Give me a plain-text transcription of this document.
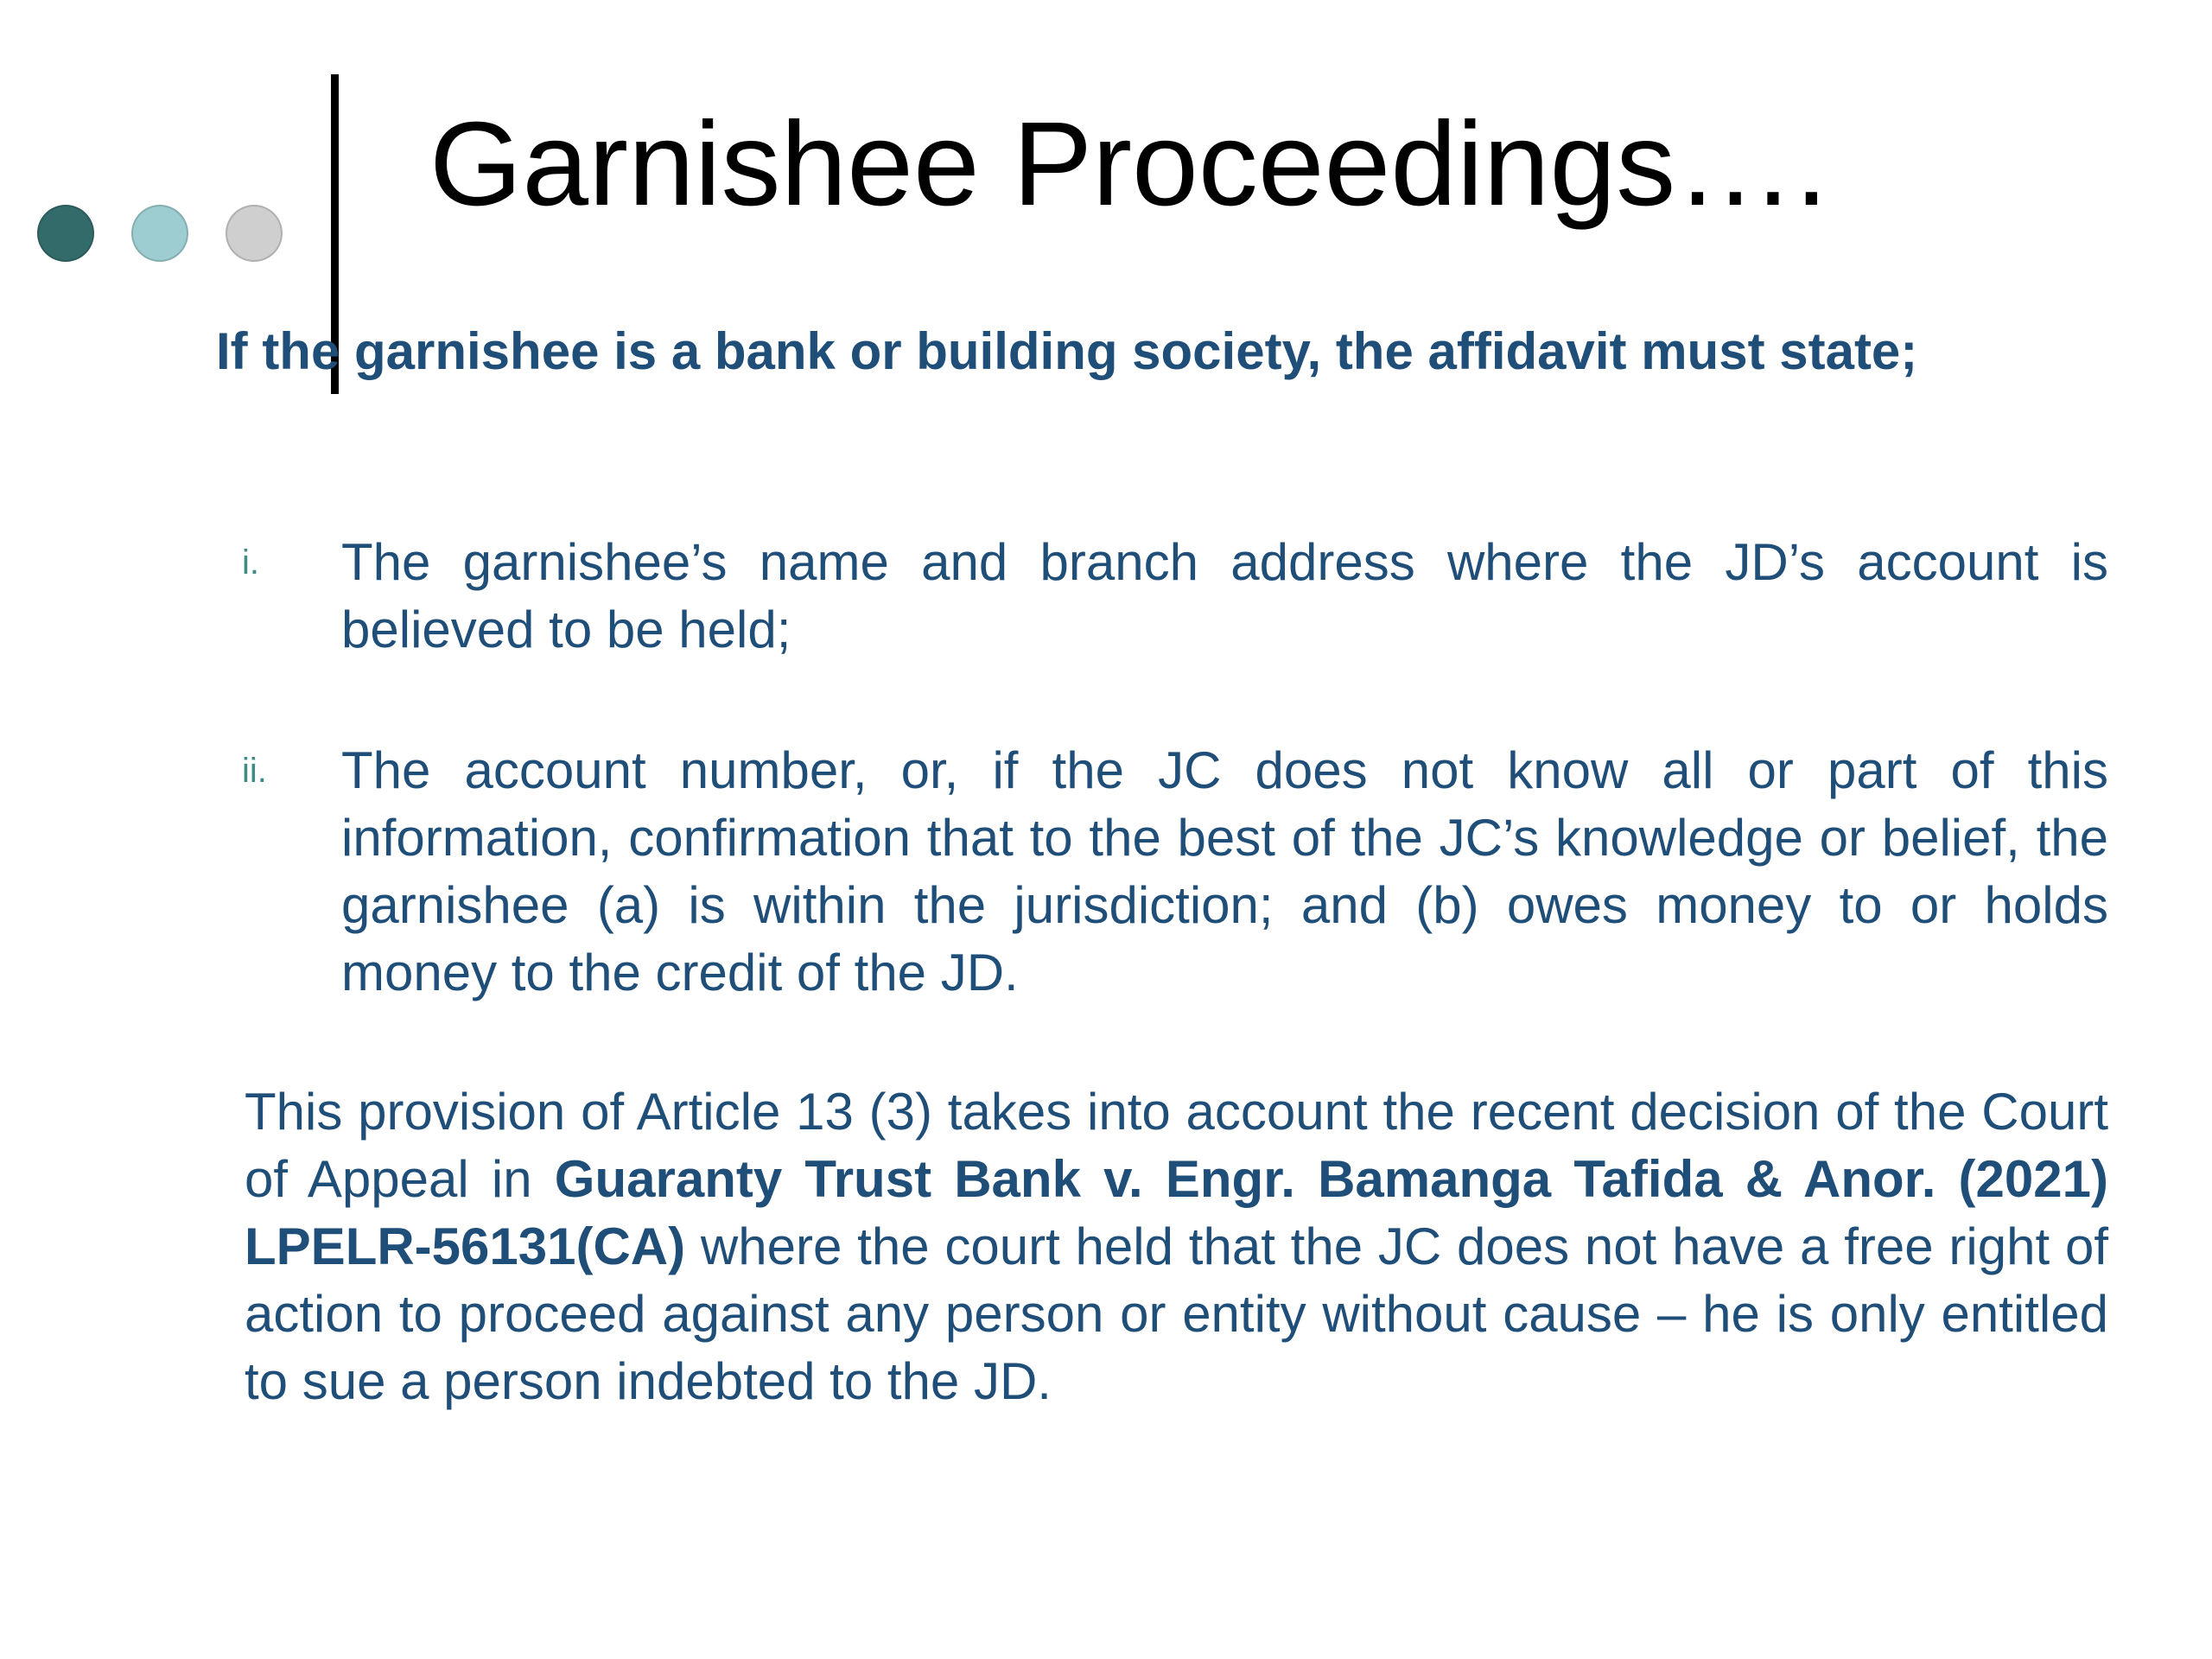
Garnishee Proceedings….

If the garnishee is a bank or building society, the affidavit must state;

i.	The garnishee’s name and branch address where the JD’s account is believed to be held;
ii.	The account number, or, if the JC does not know all or part of this information, confirmation that to the best of the JC’s knowledge or belief, the garnishee (a) is within the jurisdiction; and (b) owes money to or holds money to the credit of the JD.

This provision of Article 13 (3) takes into account the recent decision of the Court of Appeal in Guaranty Trust Bank v. Engr. Bamanga Tafida & Anor. (2021) LPELR-56131(CA) where the court held that the JC does not have a free right of action to proceed against any person or entity without cause – he is only entitled to sue a person indebted to the JD.
